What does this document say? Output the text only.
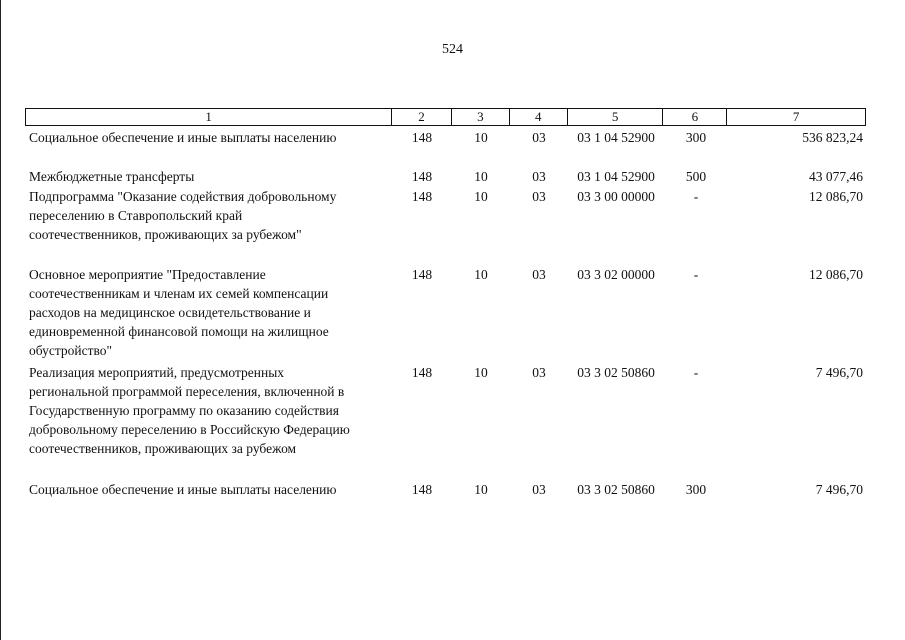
524
1	2	3	4	5	6	7
Социальное обеспечение и иные выплаты населению	148	10	03	03 1 04 52900	300	536 823,24
Межбюджетные трансферты	148	10	03	03 1 04 52900	500	43 077,46
Подпрограмма "Оказание содействия добровольному
переселению в Ставропольский край
соотечественников, проживающих за рубежом"
148	10	03	03 3 00 00000	-	12 086,70
Основное мероприятие "Предоставление
соотечественникам и членам их семей компенсации
расходов на медицинское освидетельствование и
единовременной финансовой помощи на жилищное
обустройство"
148	10	03	03 3 02 00000	-	12 086,70
Реализация мероприятий, предусмотренных
региональной программой переселения, включенной в
Государственную программу по оказанию содействия
добровольному переселению в Российскую Федерацию
соотечественников, проживающих за рубежом
148	10	03	03 3 02 50860	-	7 496,70
Социальное обеспечение и иные выплаты населению	148	10	03	03 3 02 50860	300	7 496,70
